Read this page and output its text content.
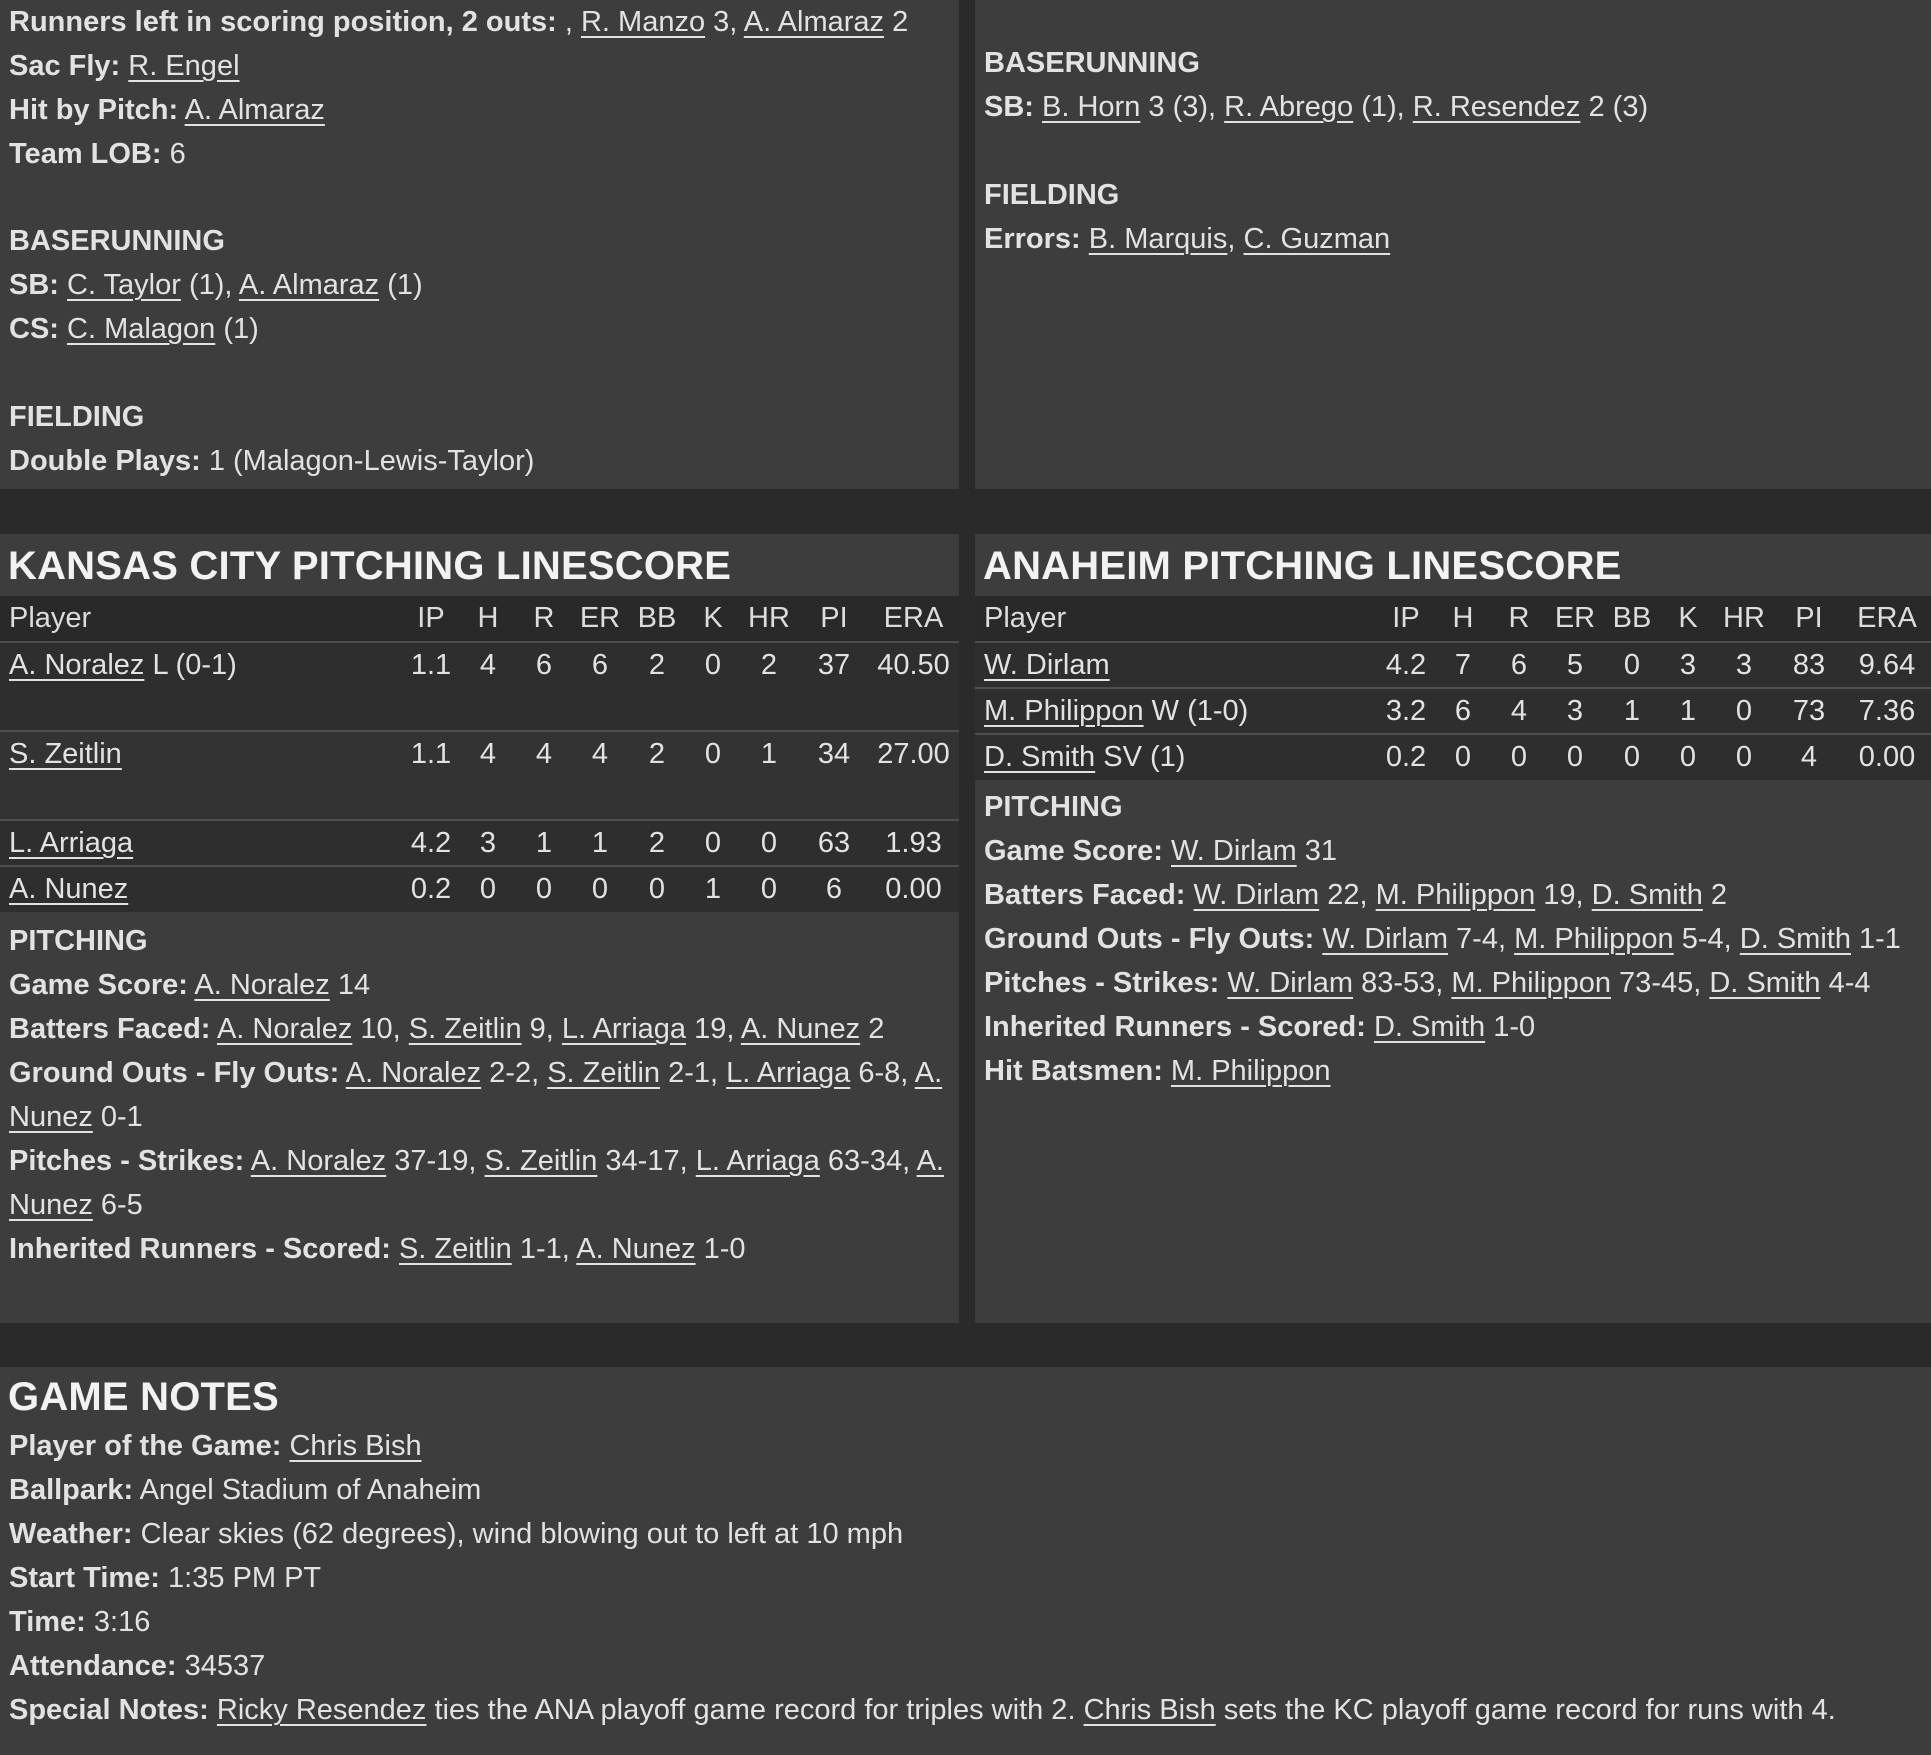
Runners left in scoring position, 2 outs: , R. Manzo 3, A. Almaraz 2
Sac Fly: R. Engel
Hit by Pitch: A. Almaraz
Team LOB: 6
BASERUNNING
SB: C. Taylor (1), A. Almaraz (1)
CS: C. Malagon (1)
FIELDING
Double Plays: 1 (Malagon-Lewis-Taylor)
BASERUNNING
SB: B. Horn 3 (3), R. Abrego (1), R. Resendez 2 (3)
FIELDING
Errors: B. Marquis, C. Guzman
KANSAS CITY PITCHING LINESCORE
Player	IP	H	R	ER	BB	K	HR	PI	ERA

A. Noralez L (0-1)	1.1	4	6	6	2	0	2	37	40.50

S. Zeitlin	1.1	4	4	4	2	0	1	34	27.00

L. Arriaga	4.2	3	1	1	2	0	0	63	1.93

A. Nunez	0.2	0	0	0	0	1	0	6	0.00
PITCHING
Game Score: A. Noralez 14
Batters Faced: A. Noralez 10, S. Zeitlin 9, L. Arriaga 19, A. Nunez 2
Ground Outs - Fly Outs: A. Noralez 2-2, S. Zeitlin 2-1, L. Arriaga 6-8, A. Nunez 0-1
Pitches - Strikes: A. Noralez 37-19, S. Zeitlin 34-17, L. Arriaga 63-34, A. Nunez 6-5
Inherited Runners - Scored: S. Zeitlin 1-1, A. Nunez 1-0
ANAHEIM PITCHING LINESCORE
Player	IP	H	R	ER	BB	K	HR	PI	ERA

W. Dirlam	4.2	7	6	5	0	3	3	83	9.64

M. Philippon W (1-0)	3.2	6	4	3	1	1	0	73	7.36

D. Smith SV (1)	0.2	0	0	0	0	0	0	4	0.00
PITCHING
Game Score: W. Dirlam 31
Batters Faced: W. Dirlam 22, M. Philippon 19, D. Smith 2
Ground Outs - Fly Outs: W. Dirlam 7-4, M. Philippon 5-4, D. Smith 1-1
Pitches - Strikes: W. Dirlam 83-53, M. Philippon 73-45, D. Smith 4-4
Inherited Runners - Scored: D. Smith 1-0
Hit Batsmen: M. Philippon
GAME NOTES
Player of the Game: Chris Bish
Ballpark: Angel Stadium of Anaheim
Weather: Clear skies (62 degrees), wind blowing out to left at 10 mph
Start Time: 1:35 PM PT
Time: 3:16
Attendance: 34537
Special Notes: Ricky Resendez ties the ANA playoff game record for triples with 2. Chris Bish sets the KC playoff game record for runs with 4.
